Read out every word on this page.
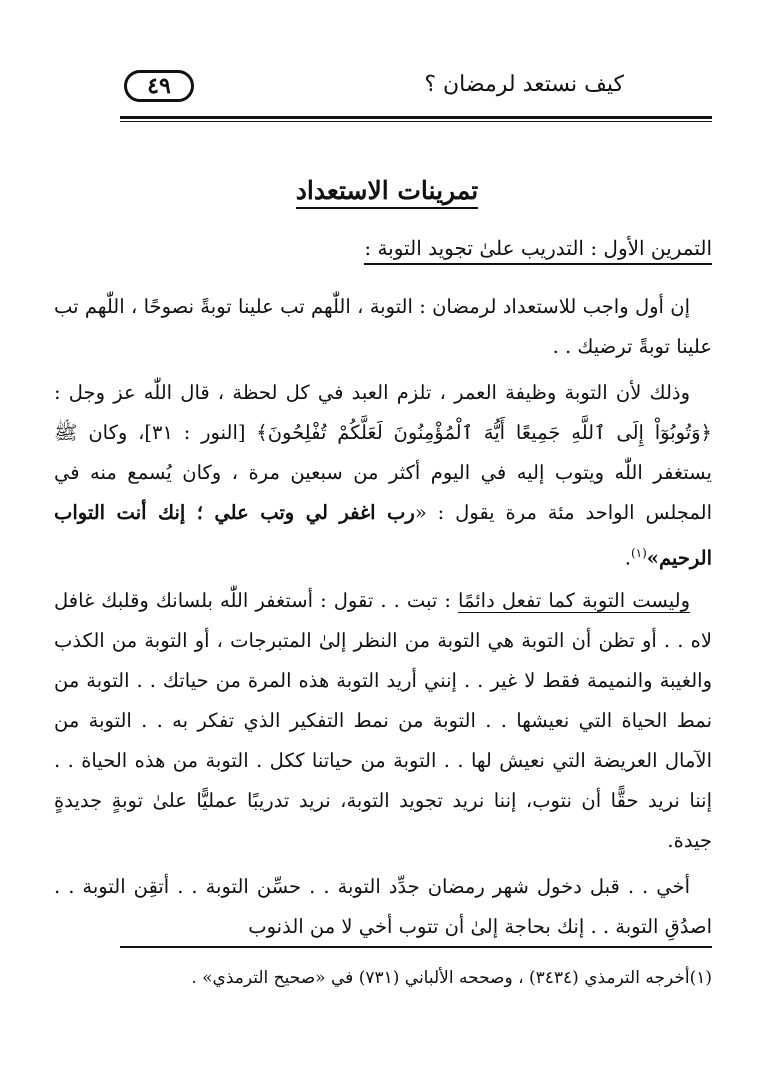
كيف نستعد لرمضان ؟
٤٩
تمرينات الاستعداد
التمرين الأول : التدريب علىٰ تجويد التوبة :
إن أول واجب للاستعداد لرمضان : التوبة ، اللّٰهم تب علينا توبةً نصوحًا ، اللّٰهم تب علينا توبةً ترضيك . .
وذلك لأن التوبة وظيفة العمر ، تلزم العبد في كل لحظة ، قال اللّٰه عز وجل : ﴿وَتُوبُوٓاْ إِلَى ٱللَّهِ جَمِيعًا أَيُّهَ ٱلْمُؤْمِنُونَ لَعَلَّكُمْ تُفْلِحُونَ﴾ [النور : ٣١]، وكان ﷺ يستغفر اللّٰه ويتوب إليه في اليوم أكثر من سبعين مرة ، وكان يُسمع منه في المجلس الواحد مئة مرة يقول : «رب اغفر لي وتب علي ؛ إنك أنت التواب الرحيم»$^{(١)}$.
وليست التوبة كما تفعل دائمًا : تبت . . تقول : أستغفر اللّٰه بلسانك وقلبك غافل لاه . . أو تظن أن التوبة هي التوبة من النظر إلىٰ المتبرجات ، أو التوبة من الكذب والغيبة والنميمة فقط لا غير . . إنني أريد التوبة هذه المرة من حياتك . . التوبة من نمط الحياة التي نعيشها . . التوبة من نمط التفكير الذي تفكر به . . التوبة من الآمال العريضة التي نعيش لها . . التوبة من حياتنا ككل . التوبة من هذه الحياة . . إننا نريد حقًّا أن نتوب، إننا نريد تجويد التوبة، نريد تدريبًا عمليًّا علىٰ توبةٍ جديدةٍ جيدة.
أخي . . قبل دخول شهر رمضان جدِّد التوبة . . حسِّن التوبة . . أتقِن التوبة . . اصدُقِ التوبة . . إنك بحاجة إلىٰ أن تتوب أخي لا من الذنوب
(١)أخرجه الترمذي (٣٤٣٤) ، وصححه الألباني (٧٣١) في «صحيح الترمذي» .
